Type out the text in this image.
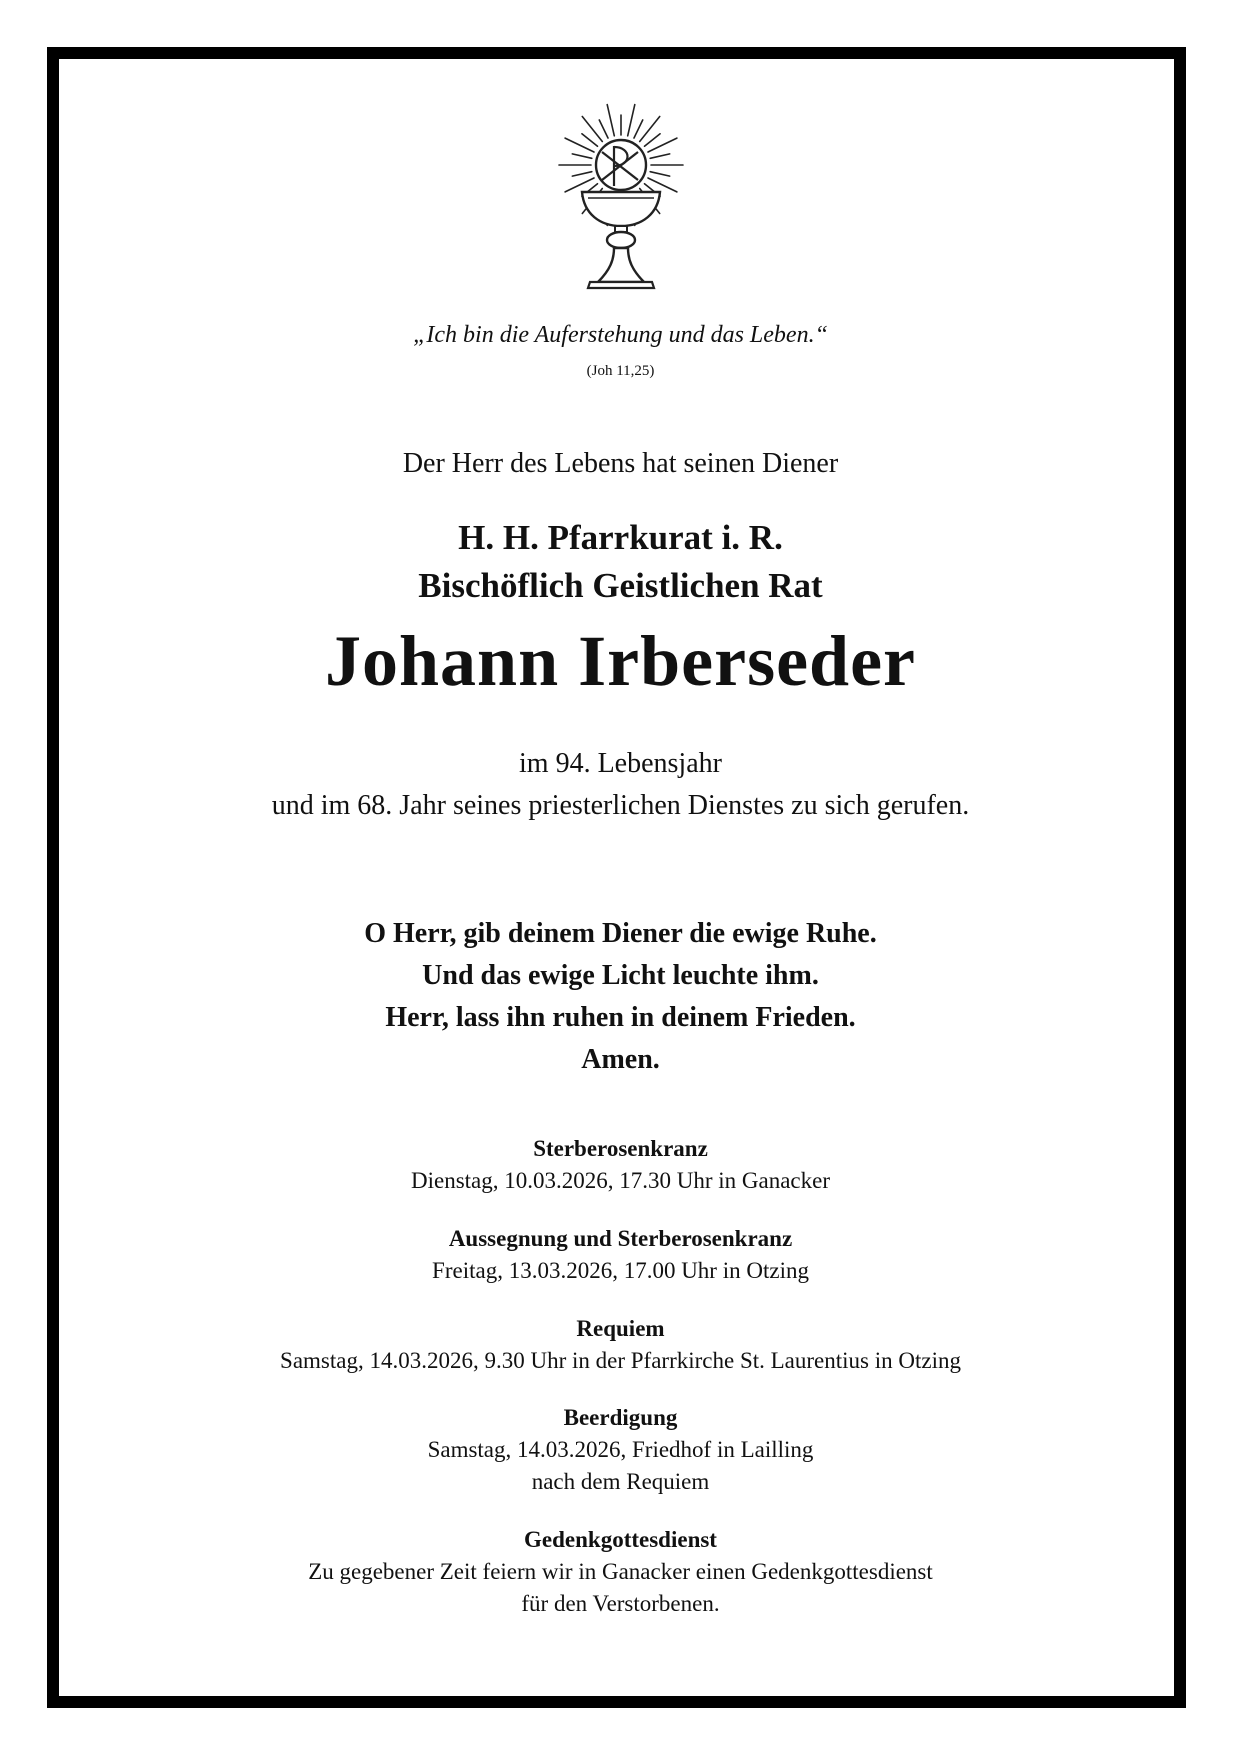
„Ich bin die Auferstehung und das Leben.“
(Joh 11,25)
Der Herr des Lebens hat seinen Diener
H. H. Pfarrkurat i. R.
Bischöflich Geistlichen Rat
Johann Irberseder
im 94. Lebensjahr
und im 68. Jahr seines priesterlichen Dienstes zu sich gerufen.
O Herr, gib deinem Diener die ewige Ruhe.
Und das ewige Licht leuchte ihm.
Herr, lass ihn ruhen in deinem Frieden.
Amen.
Sterberosenkranz
Dienstag, 10.03.2026, 17.30 Uhr in Ganacker
Aussegnung und Sterberosenkranz
Freitag, 13.03.2026, 17.00 Uhr in Otzing
Requiem
Samstag, 14.03.2026, 9.30 Uhr in der Pfarrkirche St. Laurentius in Otzing
Beerdigung
Samstag, 14.03.2026, Friedhof in Lailling
nach dem Requiem
Gedenkgottesdienst
Zu gegebener Zeit feiern wir in Ganacker einen Gedenkgottesdienst
für den Verstorbenen.
